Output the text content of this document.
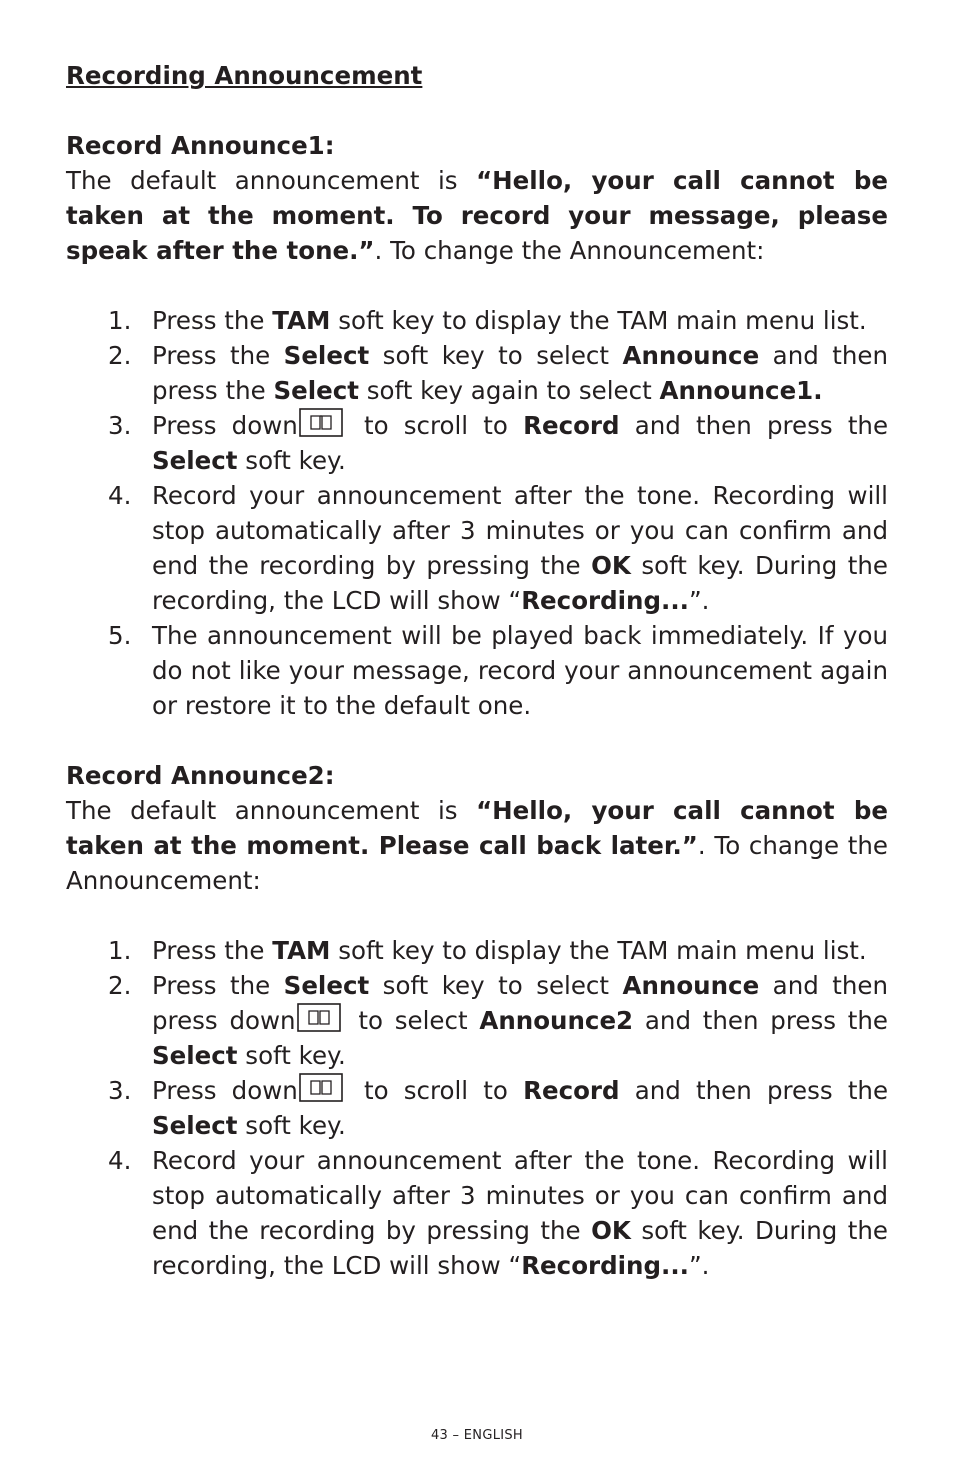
Recording Announcement

Record Announce1:

The default announcement is “Hello, your call cannot be taken at the moment. To record your message, please speak after the tone.”. To change the Announcement:

1. Press the TAM soft key to display the TAM main menu list.
2. Press the Select soft key to select Announce and then press the Select soft key again to select Announce1.
3. Press down
to scroll to Record and then press the Select soft key.
4. Record your announcement after the tone. Recording will stop automatically after 3 minutes or you can confirm and end the recording by pressing the OK soft key. During the recording, the LCD will show “Recording...”.
5. The announcement will be played back immediately. If you do not like your message, record your announcement again or restore it to the default one.

Record Announce2:

The default announcement is “Hello, your call cannot be taken at the moment. Please call back later.”. To change the Announcement:

1. Press the TAM soft key to display the TAM main menu list.
2. Press the Select soft key to select Announce and then press down
to select Announce2 and then press the Select soft key.
3. Press down
to scroll to Record and then press the Select soft key.
4. Record your announcement after the tone. Recording will stop automatically after 3 minutes or you can confirm and end the recording by pressing the OK soft key. During the recording, the LCD will show “Recording...”.
43 – ENGLISH
